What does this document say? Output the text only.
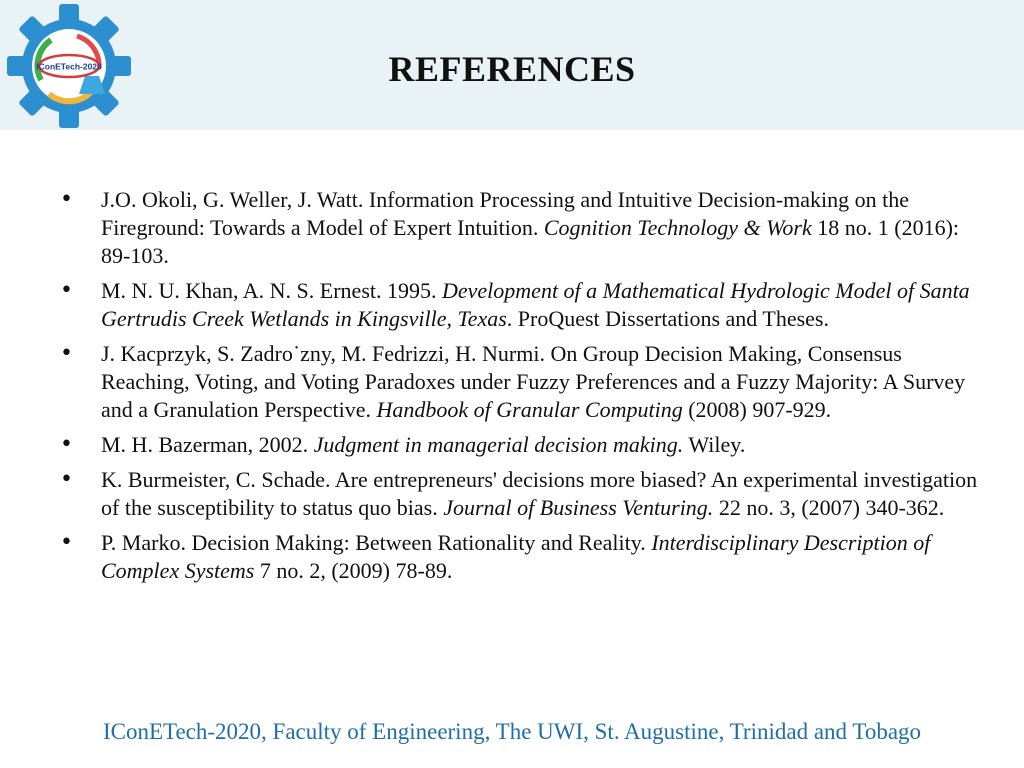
IConETech-2020	REFERENCES
• J.O. Okoli, G. Weller, J. Watt. Information Processing and Intuitive Decision-making on the Fireground: Towards a Model of Expert Intuition. Cognition Technology & Work 18 no. 1 (2016): 89-103.
• M. N. U. Khan, A. N. S. Ernest. 1995. Development of a Mathematical Hydrologic Model of Santa Gertrudis Creek Wetlands in Kingsville, Texas. ProQuest Dissertations and Theses.
• J. Kacprzyk, S. Zadro˙zny, M. Fedrizzi, H. Nurmi. On Group Decision Making, Consensus Reaching, Voting, and Voting Paradoxes under Fuzzy Preferences and a Fuzzy Majority: A Survey and a Granulation Perspective. Handbook of Granular Computing (2008) 907-929.
• M. H. Bazerman, 2002. Judgment in managerial decision making. Wiley.
• K. Burmeister, C. Schade. Are entrepreneurs' decisions more biased? An experimental investigation of the susceptibility to status quo bias. Journal of Business Venturing. 22 no. 3, (2007) 340-362.
• P. Marko. Decision Making: Between Rationality and Reality. Interdisciplinary Description of Complex Systems 7 no. 2, (2009) 78-89.
IConETech-2020, Faculty of Engineering, The UWI, St. Augustine, Trinidad and Tobago
